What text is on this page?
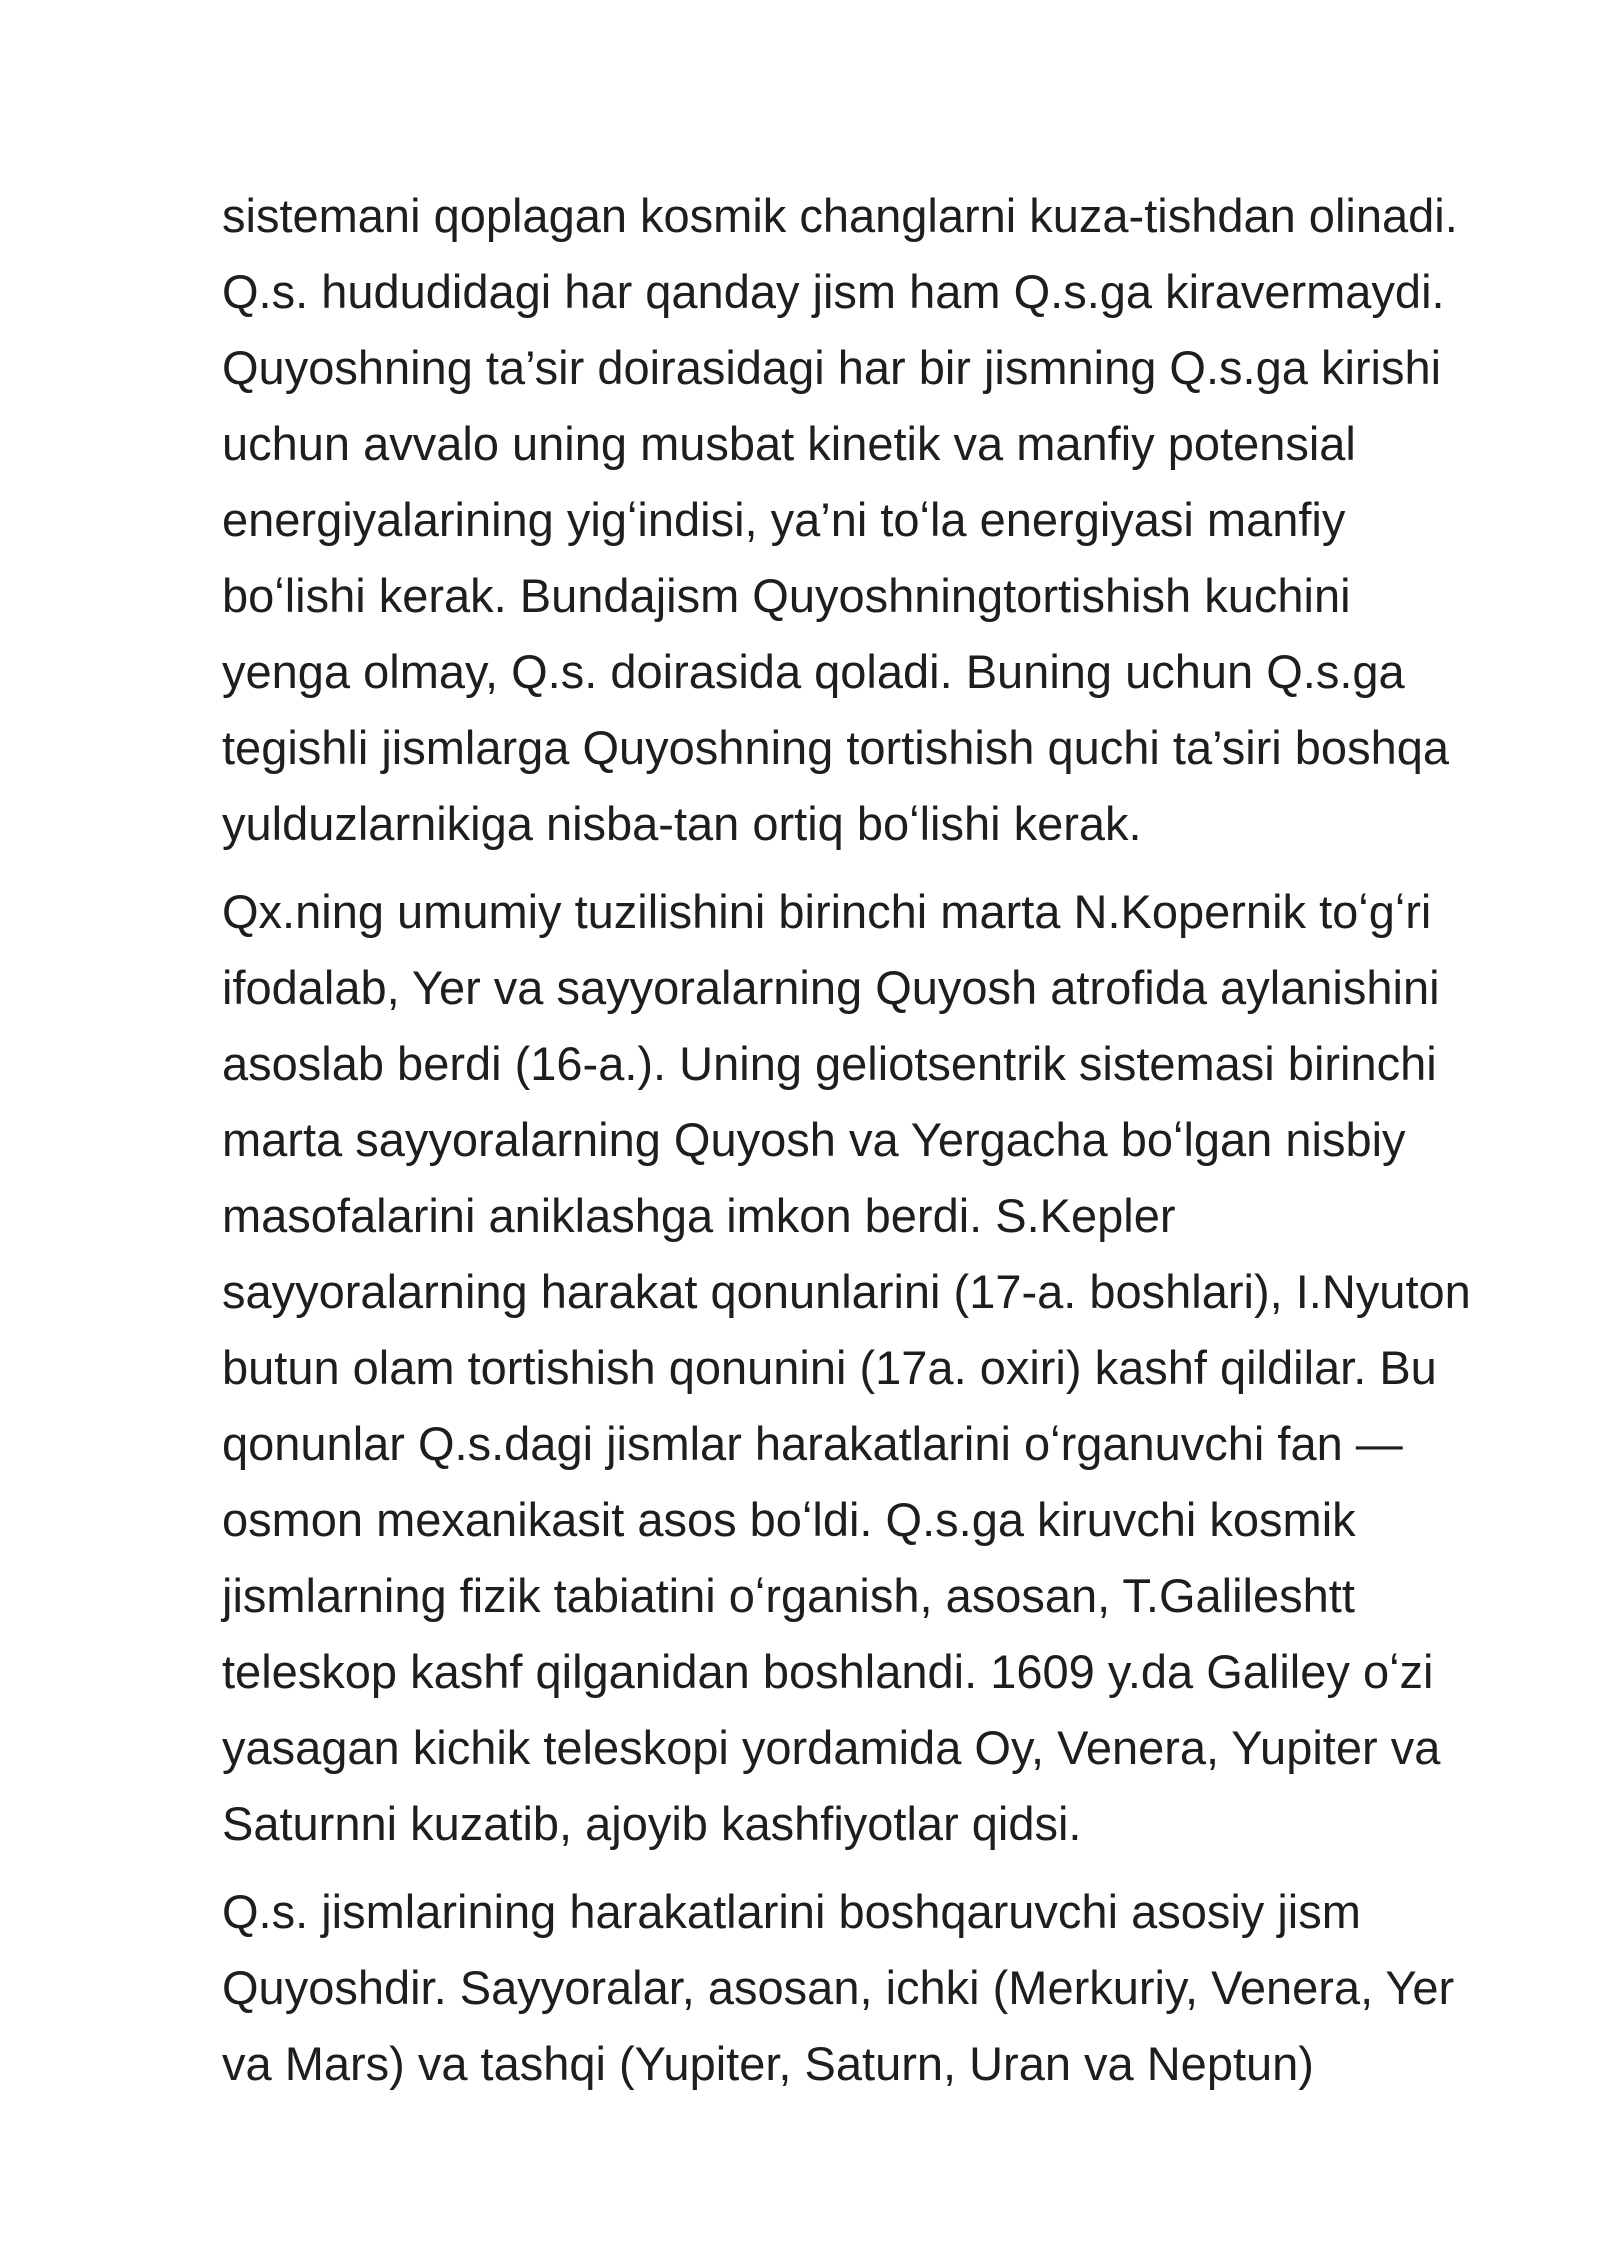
sistemani qoplagan kosmik changlarni kuza-tishdan olinadi.
Q.s. hududidagi har qanday jism ham Q.s.ga kiravermaydi.
Quyoshning ta’sir doirasidagi har bir jismning Q.s.ga kirishi
uchun avvalo uning musbat kinetik va manfiy potensial
energiyalarining yigʻindisi, ya’ni toʻla energiyasi manfiy
boʻlishi kerak. Bundajism Quyoshningtortishish kuchini
yenga olmay, Q.s. doirasida qoladi. Buning uchun Q.s.ga
tegishli jismlarga Quyoshning tortishish quchi ta’siri boshqa
yulduzlarnikiga nisba-tan ortiq boʻlishi kerak.

Qx.ning umumiy tuzilishini birinchi marta N.Kopernik toʻgʻri
ifodalab, Yer va sayyoralarning Quyosh atrofida aylanishini
asoslab berdi (16-a.). Uning geliotsentrik sistemasi birinchi
marta sayyoralarning Quyosh va Yergacha boʻlgan nisbiy
masofalarini aniklashga imkon berdi. S.Kepler
sayyoralarning harakat qonunlarini (17-a. boshlari), I.Nyuton
butun olam tortishish qonunini (17a. oxiri) kashf qildilar. Bu
qonunlar Q.s.dagi jismlar harakatlarini oʻrganuvchi fan —
osmon mexanikasit asos boʻldi. Q.s.ga kiruvchi kosmik
jismlarning fizik tabiatini oʻrganish, asosan, T.Galileshtt
teleskop kashf qilganidan boshlandi. 1609 y.da Galiley oʻzi
yasagan kichik teleskopi yordamida Oy, Venera, Yupiter va
Saturnni kuzatib, ajoyib kashfiyotlar qidsi.

Q.s. jismlarining harakatlarini boshqaruvchi asosiy jism
Quyoshdir. Sayyoralar, asosan, ichki (Merkuriy, Venera, Yer
va Mars) va tashqi (Yupiter, Saturn, Uran va Neptun)
